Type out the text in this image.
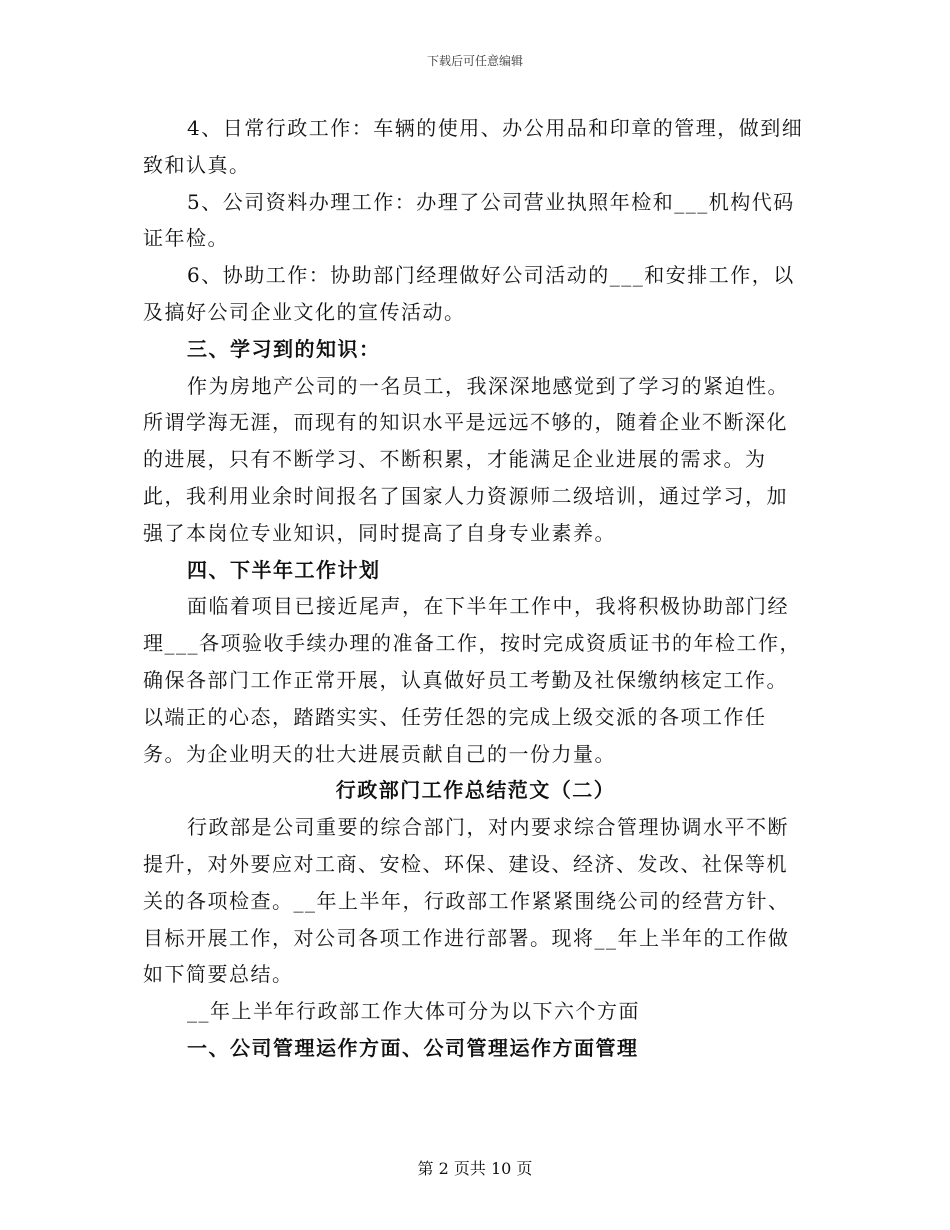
下载后可任意编辑

4、日常行政工作：车辆的使用、办公用品和印章的管理，做到细致和认真。

5、公司资料办理工作：办理了公司营业执照年检和___机构代码证年检。

6、协助工作：协助部门经理做好公司活动的___和安排工作，以及搞好公司企业文化的宣传活动。

三、学习到的知识：

作为房地产公司的一名员工，我深深地感觉到了学习的紧迫性。所谓学海无涯，而现有的知识水平是远远不够的，随着企业不断深化的进展，只有不断学习、不断积累，才能满足企业进展的需求。为此，我利用业余时间报名了国家人力资源师二级培训，通过学习，加强了本岗位专业知识，同时提高了自身专业素养。

四、下半年工作计划

面临着项目已接近尾声，在下半年工作中，我将积极协助部门经理___各项验收手续办理的准备工作，按时完成资质证书的年检工作，确保各部门工作正常开展，认真做好员工考勤及社保缴纳核定工作。以端正的心态，踏踏实实、任劳任怨的完成上级交派的各项工作任务。为企业明天的壮大进展贡献自己的一份力量。

行政部门工作总结范文（二）

行政部是公司重要的综合部门，对内要求综合管理协调水平不断提升，对外要应对工商、安检、环保、建设、经济、发改、社保等机关的各项检查。__年上半年，行政部工作紧紧围绕公司的经营方针、目标开展工作，对公司各项工作进行部署。现将__年上半年的工作做如下简要总结。

__年上半年行政部工作大体可分为以下六个方面

一、公司管理运作方面、公司管理运作方面管理

第 2 页共 10 页
